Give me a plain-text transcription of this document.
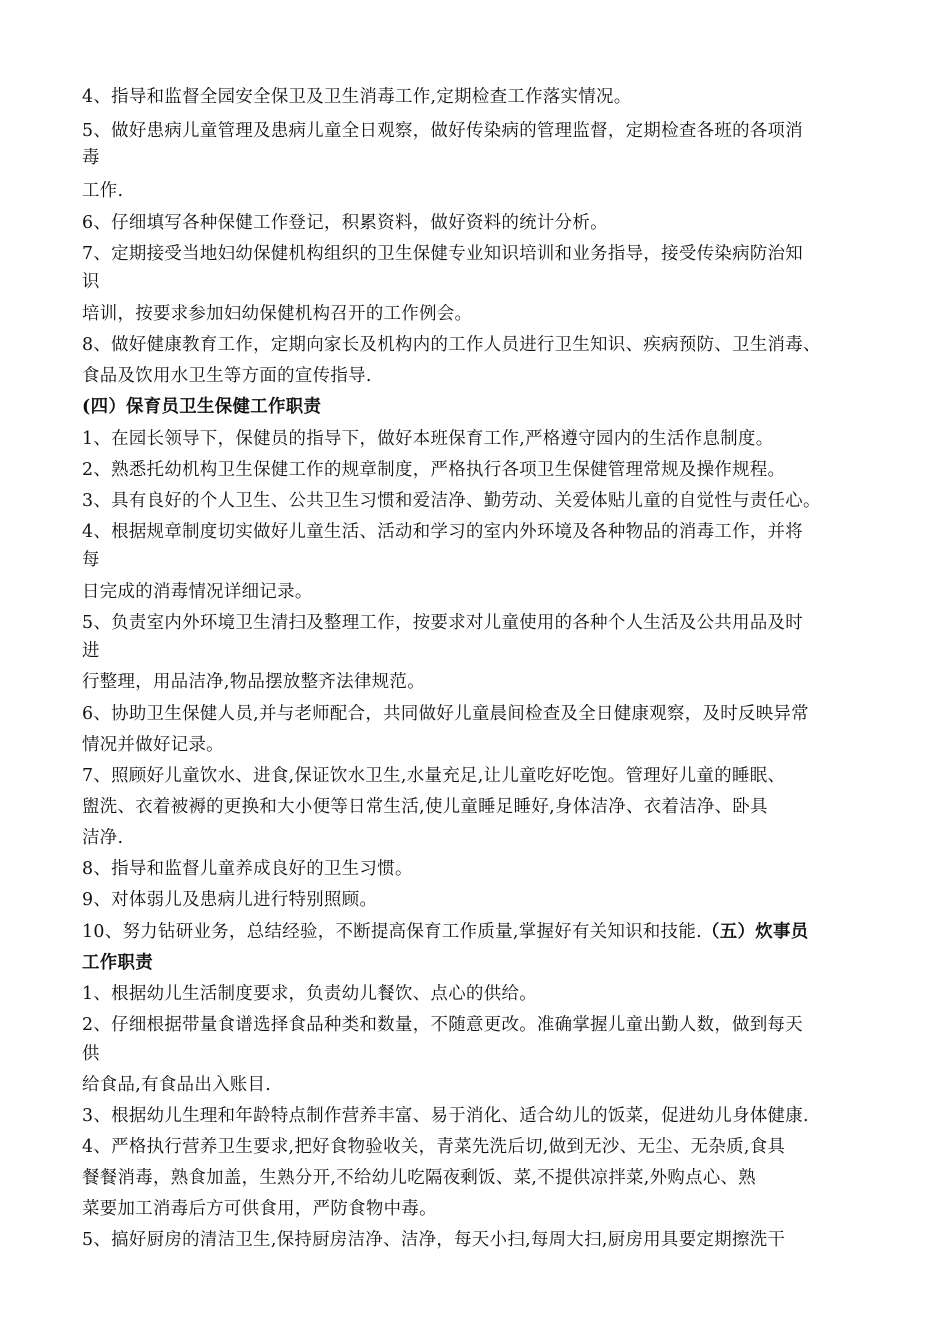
4、指导和监督全园安全保卫及卫生消毒工作,定期检查工作落实情况。
5、做好患病儿童管理及患病儿童全日观察，做好传染病的管理监督，定期检查各班的各项消
毒
工作.
6、仔细填写各种保健工作登记，积累资料，做好资料的统计分析。
7、定期接受当地妇幼保健机构组织的卫生保健专业知识培训和业务指导，接受传染病防治知
识
培训，按要求参加妇幼保健机构召开的工作例会。
8、做好健康教育工作，定期向家长及机构内的工作人员进行卫生知识、疾病预防、卫生消毒、
食品及饮用水卫生等方面的宣传指导.
(四）保育员卫生保健工作职责
1、在园长领导下，保健员的指导下，做好本班保育工作,严格遵守园内的生活作息制度。
2、熟悉托幼机构卫生保健工作的规章制度，严格执行各项卫生保健管理常规及操作规程。
3、具有良好的个人卫生、公共卫生习惯和爱洁净、勤劳动、关爱体贴儿童的自觉性与责任心。
4、根据规章制度切实做好儿童生活、活动和学习的室内外环境及各种物品的消毒工作，并将
每
日完成的消毒情况详细记录。
5、负责室内外环境卫生清扫及整理工作，按要求对儿童使用的各种个人生活及公共用品及时
进
行整理，用品洁净,物品摆放整齐法律规范。
6、协助卫生保健人员,并与老师配合，共同做好儿童晨间检查及全日健康观察，及时反映异常
情况并做好记录。
7、照顾好儿童饮水、进食,保证饮水卫生,水量充足,让儿童吃好吃饱。管理好儿童的睡眠、
盥洗、衣着被褥的更换和大小便等日常生活,使儿童睡足睡好,身体洁净、衣着洁净、卧具
洁净.
8、指导和监督儿童养成良好的卫生习惯。
9、对体弱儿及患病儿进行特别照顾。
10、努力钻研业务，总结经验，不断提高保育工作质量,掌握好有关知识和技能.（五）炊事员
工作职责
1、根据幼儿生活制度要求，负责幼儿餐饮、点心的供给。
2、仔细根据带量食谱选择食品种类和数量，不随意更改。准确掌握儿童出勤人数，做到每天
供
给食品,有食品出入账目.
3、根据幼儿生理和年龄特点制作营养丰富、易于消化、适合幼儿的饭菜，促进幼儿身体健康.
4、严格执行营养卫生要求,把好食物验收关，青菜先洗后切,做到无沙、无尘、无杂质,食具
餐餐消毒，熟食加盖，生熟分开,不给幼儿吃隔夜剩饭、菜,不提供凉拌菜,外购点心、熟
菜要加工消毒后方可供食用，严防食物中毒。
5、搞好厨房的清洁卫生,保持厨房洁净、洁净，每天小扫,每周大扫,厨房用具要定期擦洗干
